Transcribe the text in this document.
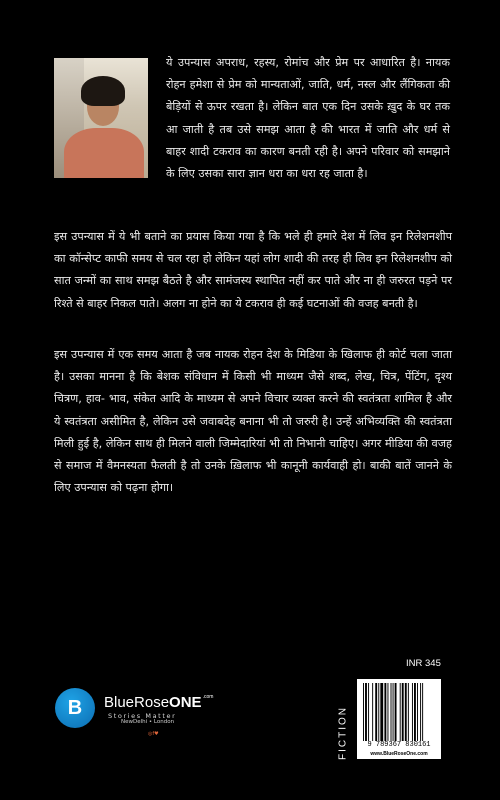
ये उपन्यास अपराध, रहस्य, रोमांच और प्रेम पर आधारित है। नायक रोहन हमेशा से प्रेम को मान्यताओं, जाति, धर्म, नस्ल और लैंगिकता की बेड़ियों से ऊपर रखता है। लेकिन बात एक दिन उसके ख़ुद के घर तक आ जाती है तब उसे समझ आता है की भारत में जाति और धर्म से बाहर शादी टकराव का कारण बनती रही है। अपने परिवार को समझाने के लिए उसका सारा ज्ञान धरा का धरा रह जाता है।
इस उपन्यास में ये भी बताने का प्रयास किया गया है कि भले ही हमारे देश में लिव इन रिलेशनशीप का कॉन्सेप्ट काफी समय से चल रहा हो लेकिन यहां लोग शादी की तरह ही लिव इन रिलेशनशीप को सात जन्मों का साथ समझ बैठते है और सामंजस्य स्थापित नहीं कर पाते और ना ही जरुरत पड़ने पर रिश्ते से बाहर निकल पाते। अलग ना होने का ये टकराव ही कई घटनाओं की वजह बनती है।
इस उपन्यास में एक समय आता है जब नायक रोहन देश के मिडिया के खिलाफ ही कोर्ट चला जाता है। उसका मानना है कि बेशक संविधान में किसी भी माध्यम जैसे शब्द, लेख, चित्र, पेंटिंग, दृश्य चित्रण, हाव- भाव, संकेत आदि के माध्यम से अपने विचार व्यक्त करने की स्वतंत्रता शामिल है और ये स्वतंत्रता असीमित है, लेकिन उसे जवाबदेह बनाना भी तो जरुरी है। उन्हें अभिव्यक्ति की स्वतंत्रता मिली हुई है, लेकिन साथ ही मिलने वाली जिम्मेदारियां भी तो निभानी चाहिए। अगर मीडिया की वजह से समाज में वैमनस्यता फैलती है तो उनके ख़िलाफ भी कानूनी कार्यवाही हो। बाकी बातें जानने के लिए उपन्यास को पढ़ना होगा।
B	BlueRoseONE$^{.com}$
Stories Matter
NewDelhi • London
◎f♥
INR 345
FICTION	9 789367 830161
www.BlueRoseOne.com
